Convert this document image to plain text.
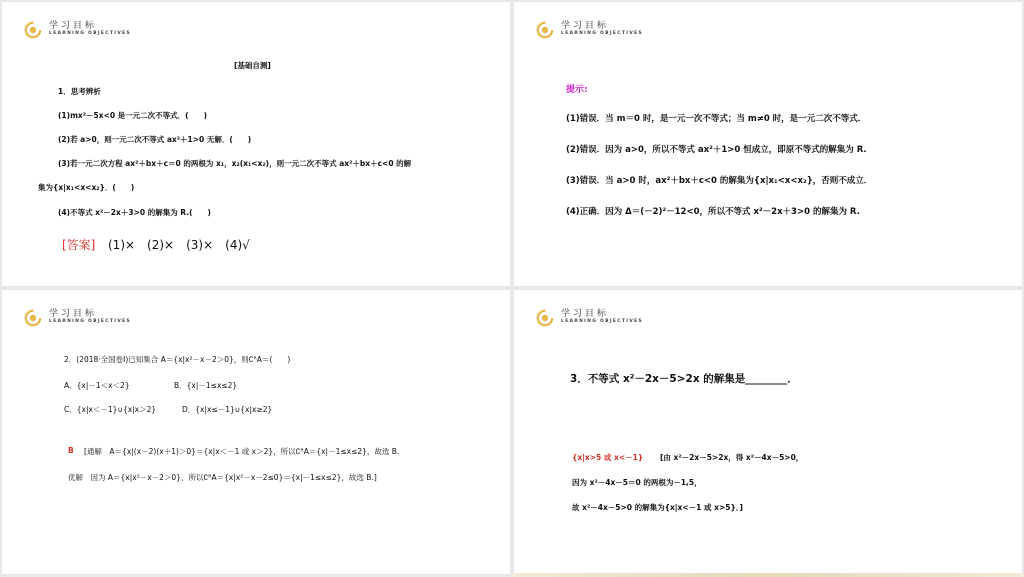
学习目标
LEARNING OBJECTIVES
[基础自测]
1．思考辨析
(1)mx²－5x<0 是一元二次不等式．(　　)
(2)若 a>0，则一元二次不等式 ax²＋1>0 无解．(　　)
(3)若一元二次方程 ax²＋bx＋c＝0 的两根为 x₁，x₂(x₁<x₂)，则一元二次不等式 ax²＋bx＋c<0 的解
集为{x|x₁<x<x₂}．(　　)
(4)不等式 x²－2x＋3>0 的解集为 R.(　　)
[答案] (1)×　(2)×　(3)×　(4)√
学习目标
LEARNING OBJECTIVES
提示:
(1)错误．当 m＝0 时，是一元一次不等式；当 m≠0 时，是一元二次不等式．
(2)错误．因为 a>0，所以不等式 ax²＋1>0 恒成立，即原不等式的解集为 R.
(3)错误．当 a>0 时，ax²＋bx＋c<0 的解集为{x|x₁<x<x₂}，否则不成立．
(4)正确．因为 Δ＝(－2)²－12<0，所以不等式 x²－2x＋3>0 的解集为 R.
学习目标
LEARNING OBJECTIVES
2．(2018·全国卷Ⅰ)已知集合 A＝{x|x²－x－2＞0}，则∁ᴿA＝(　　)
A．{x|－1＜x＜2}	B．{x|－1≤x≤2}
C．{x|x＜－1}∪{x|x＞2}	D．{x|x≤－1}∪{x|x≥2}
B [通解　A＝{x|(x－2)(x＋1)＞0}＝{x|x＜－1 或 x＞2}，所以∁ᴿA＝{x|－1≤x≤2}，故选 B.
优解　因为 A＝{x|x²－x－2＞0}，所以∁ᴿA＝{x|x²－x－2≤0}＝{x|－1≤x≤2}，故选 B.]
学习目标
LEARNING OBJECTIVES
3．不等式 x²－2x－5>2x 的解集是________．
{x|x>5 或 x<－1} [由 x²－2x－5>2x，得 x²－4x－5>0，
因为 x²－4x－5＝0 的两根为－1,5，
故 x²－4x－5>0 的解集为{x|x<－1 或 x>5}．]
